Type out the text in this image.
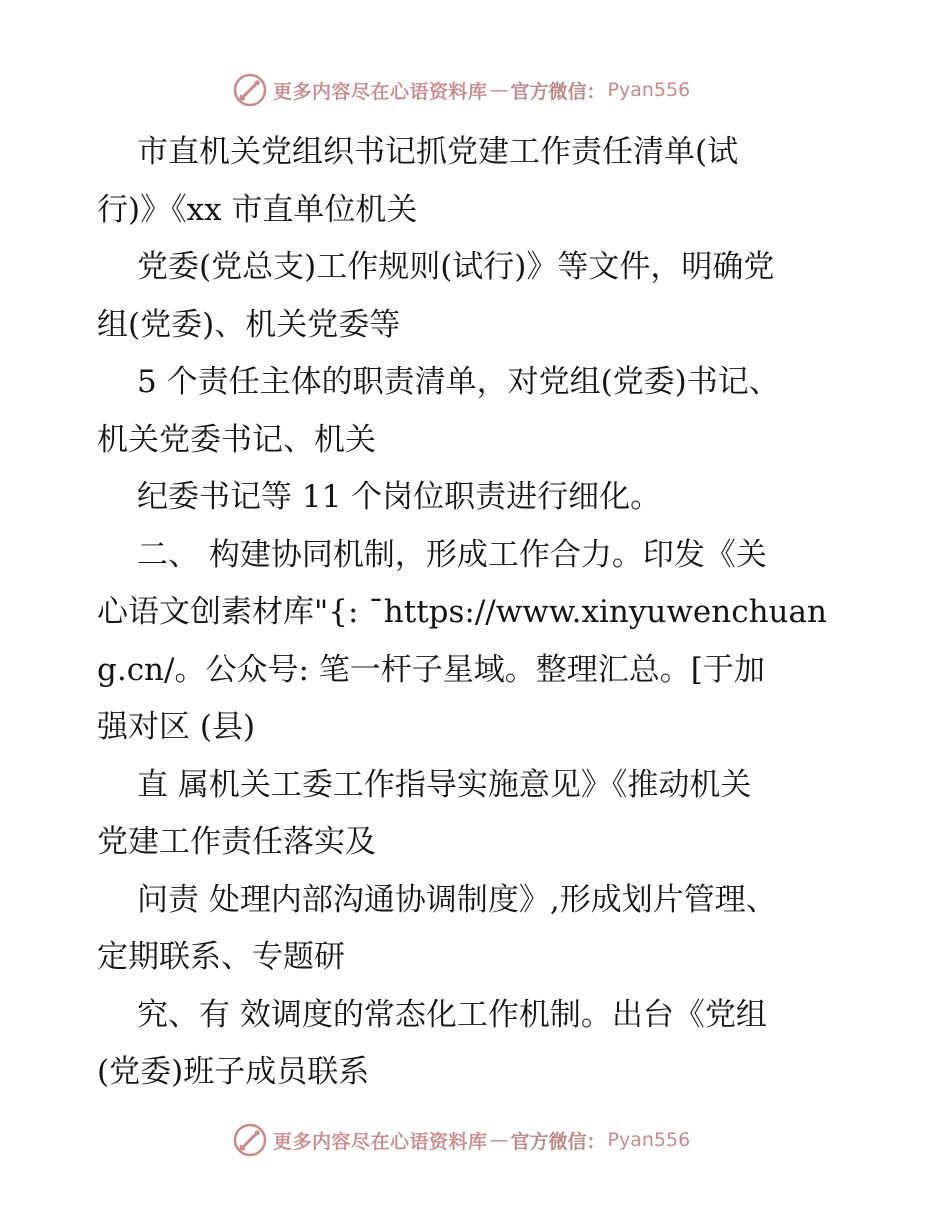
更多内容尽在心语资料库 — 官方微信： Pyan556
市直机关党组织书记抓党建工作责任清单(试
行)》《xx 市直单位机关
党委(党总支)工作规则(试行)》等文件，明确党
组(党委)、机关党委等
5 个责任主体的职责清单，对党组(党委)书记、
机关党委书记、机关
纪委书记等 11 个岗位职责进行细化。
二、 构建协同机制，形成工作合力。印发《关
心语文创素材库"{: ¯https://www.xinyuwenchuan
g.cn/。公众号: 笔一杆子星域。整理汇总。[于加
强对区 (县)
直 属机关工委工作指导实施意见》《推动机关
党建工作责任落实及
问责 处理内部沟通协调制度》,形成划片管理、
定期联系、专题研
究、有 效调度的常态化工作机制。出台《党组
(党委)班子成员联系
更多内容尽在心语资料库 — 官方微信： Pyan556
